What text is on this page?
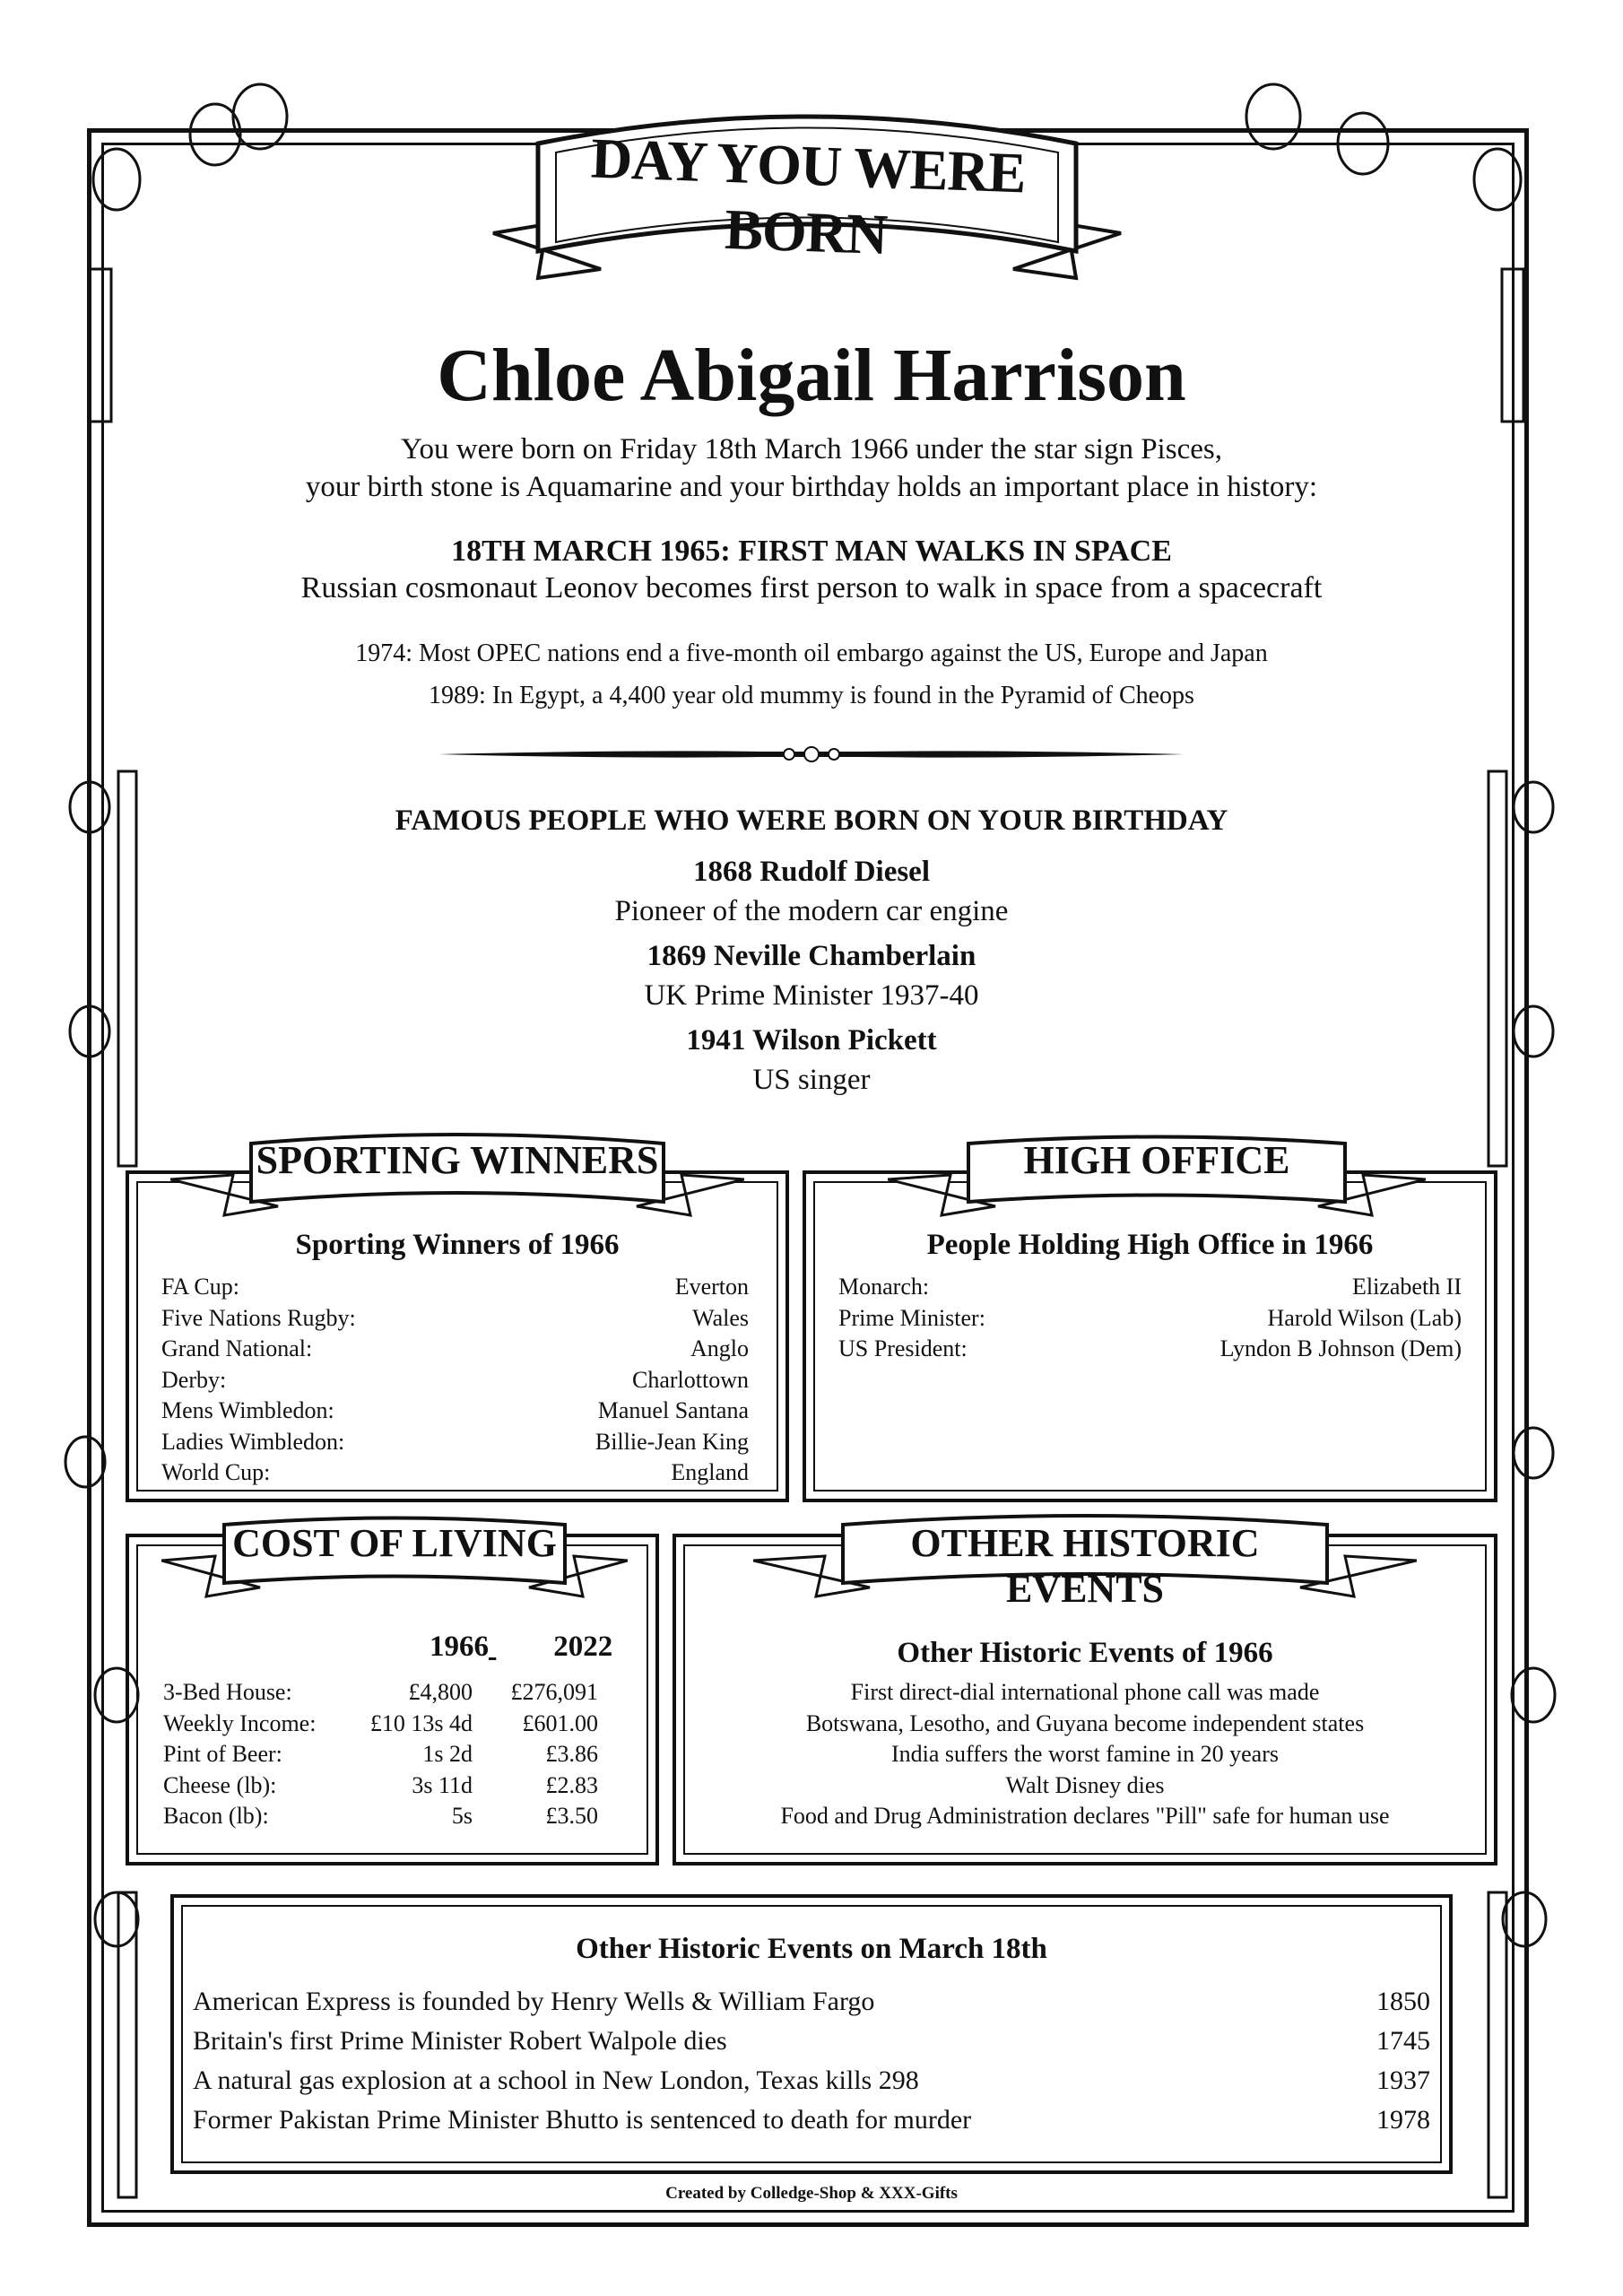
DAY YOU WERE BORN
Chloe Abigail Harrison
You were born on Friday 18th March 1966 under the star sign Pisces,
your birth stone is Aquamarine and your birthday holds an important place in history:
18TH MARCH 1965: FIRST MAN WALKS IN SPACE
Russian cosmonaut Leonov becomes first person to walk in space from a spacecraft
1974: Most OPEC nations end a five-month oil embargo against the US, Europe and Japan
1989: In Egypt, a 4,400 year old mummy is found in the Pyramid of Cheops
FAMOUS PEOPLE WHO WERE BORN ON YOUR BIRTHDAY
1868 Rudolf Diesel
Pioneer of the modern car engine
1869 Neville Chamberlain
UK Prime Minister 1937-40
1941 Wilson Pickett
US singer
SPORTING WINNERS
Sporting Winners of 1966
FA Cup:	Everton
Five Nations Rugby:	Wales
Grand National:	Anglo
Derby:	Charlottown
Mens Wimbledon:	Manuel Santana
Ladies Wimbledon:	Billie-Jean King
World Cup:	England
HIGH OFFICE
People Holding High Office in 1966
Monarch:	Elizabeth II
Prime Minister:	Harold Wilson (Lab)
US President:	Lyndon B Johnson (Dem)
COST OF LIVING
1966 2022
3-Bed House:	£4,800	£276,091
Weekly Income:	£10 13s 4d	£601.00
Pint of Beer:	1s 2d	£3.86
Cheese (lb):	3s 11d	£2.83
Bacon (lb):	5s	£3.50
OTHER HISTORIC EVENTS
Other Historic Events of 1966
First direct-dial international phone call was made
Botswana, Lesotho, and Guyana become independent states
India suffers the worst famine in 20 years
Walt Disney dies
Food and Drug Administration declares "Pill" safe for human use
Other Historic Events on March 18th
American Express is founded by Henry Wells & William Fargo	1850
Britain's first Prime Minister Robert Walpole dies	1745
A natural gas explosion at a school in New London, Texas kills 298	1937
Former Pakistan Prime Minister Bhutto is sentenced to death for murder	1978
Created by Colledge-Shop & XXX-Gifts
